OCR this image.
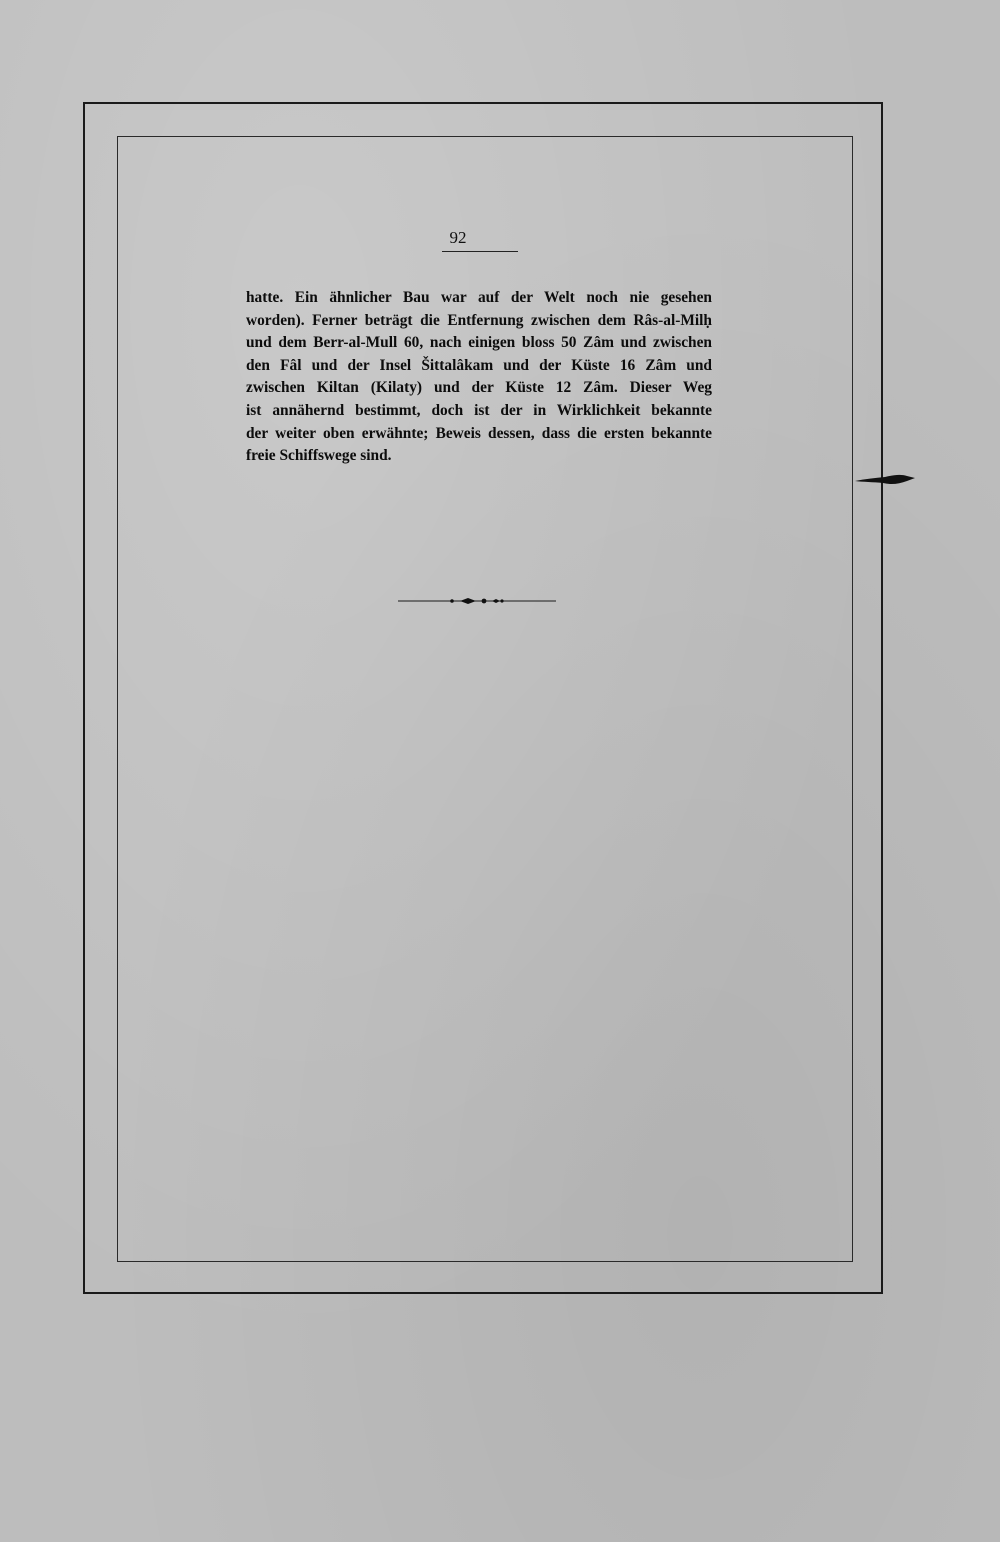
92
hatte. Ein ähnlicher Bau war auf der Welt noch nie gesehen
worden). Ferner beträgt die Entfernung zwischen dem Râs-al-Milḥ
und dem Berr-al-Mull 60, nach einigen bloss 50 Zâm und zwischen
den Fâl und der Insel Šittalâkam und der Küste 16 Zâm und
zwischen Kiltan (Kilaty) und der Küste 12 Zâm. Dieser Weg
ist annähernd bestimmt, doch ist der in Wirklichkeit bekannte
der weiter oben erwähnte; Beweis dessen, dass die ersten bekannte
freie Schiffswege sind.
